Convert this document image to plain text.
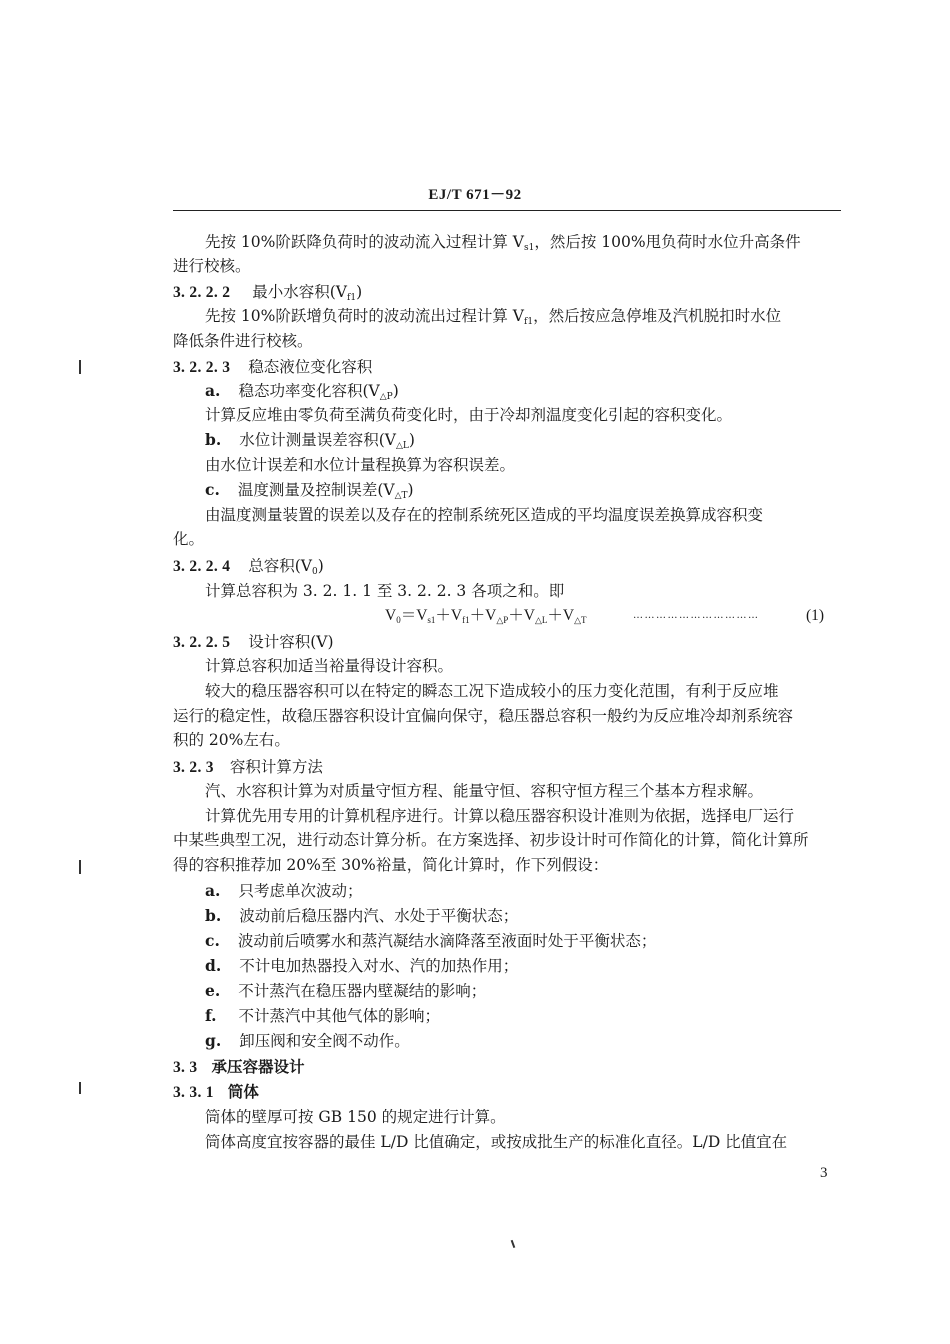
EJ/T 671－92
先按 10%阶跃降负荷时的波动流入过程计算 $V_{s1}$，然后按 100%甩负荷时水位升高条件
进行校核。
3. 2. 2. 2 最小水容积$(V_{f1})$
先按 10%阶跃增负荷时的波动流出过程计算 $V_{f1}$，然后按应急停堆及汽机脱扣时水位
降低条件进行校核。
3. 2. 2. 3 稳态液位变化容积
a. 稳态功率变化容积$(V_{\triangle P})$
计算反应堆由零负荷至满负荷变化时，由于冷却剂温度变化引起的容积变化。
b. 水位计测量误差容积$(V_{\triangle L})$
由水位计误差和水位计量程换算为容积误差。
c. 温度测量及控制误差$(V_{\triangle T})$
由温度测量装置的误差以及存在的控制系统死区造成的平均温度误差换算成容积变
化。
3. 2. 2. 4 总容积$(V_0)$
计算总容积为 3. 2. 1. 1 至 3. 2. 2. 3 各项之和。即
$V_0=V_{s1}+V_{f1}+V_{\triangle P}+V_{\triangle L}+V_{\triangle T}$	……………………………	(1)
3. 2. 2. 5 设计容积(V)
计算总容积加适当裕量得设计容积。
较大的稳压器容积可以在特定的瞬态工况下造成较小的压力变化范围，有利于反应堆
运行的稳定性，故稳压器容积设计宜偏向保守，稳压器总容积一般约为反应堆冷却剂系统容
积的 20%左右。
3. 2. 3 容积计算方法
汽、水容积计算为对质量守恒方程、能量守恒、容积守恒方程三个基本方程求解。
计算优先用专用的计算机程序进行。计算以稳压器容积设计准则为依据，选择电厂运行
中某些典型工况，进行动态计算分析。在方案选择、初步设计时可作简化的计算，简化计算所
得的容积推荐加 20%至 30%裕量，简化计算时，作下列假设：
a. 只考虑单次波动；
b. 波动前后稳压器内汽、水处于平衡状态；
c. 波动前后喷雾水和蒸汽凝结水滴降落至液面时处于平衡状态；
d. 不计电加热器投入对水、汽的加热作用；
e. 不计蒸汽在稳压器内壁凝结的影响；
f. 不计蒸汽中其他气体的影响；
g. 卸压阀和安全阀不动作。
3. 3 承压容器设计
3. 3. 1 筒体
筒体的壁厚可按 GB 150 的规定进行计算。
筒体高度宜按容器的最佳 L/D 比值确定，或按成批生产的标准化直径。L/D 比值宜在
3
